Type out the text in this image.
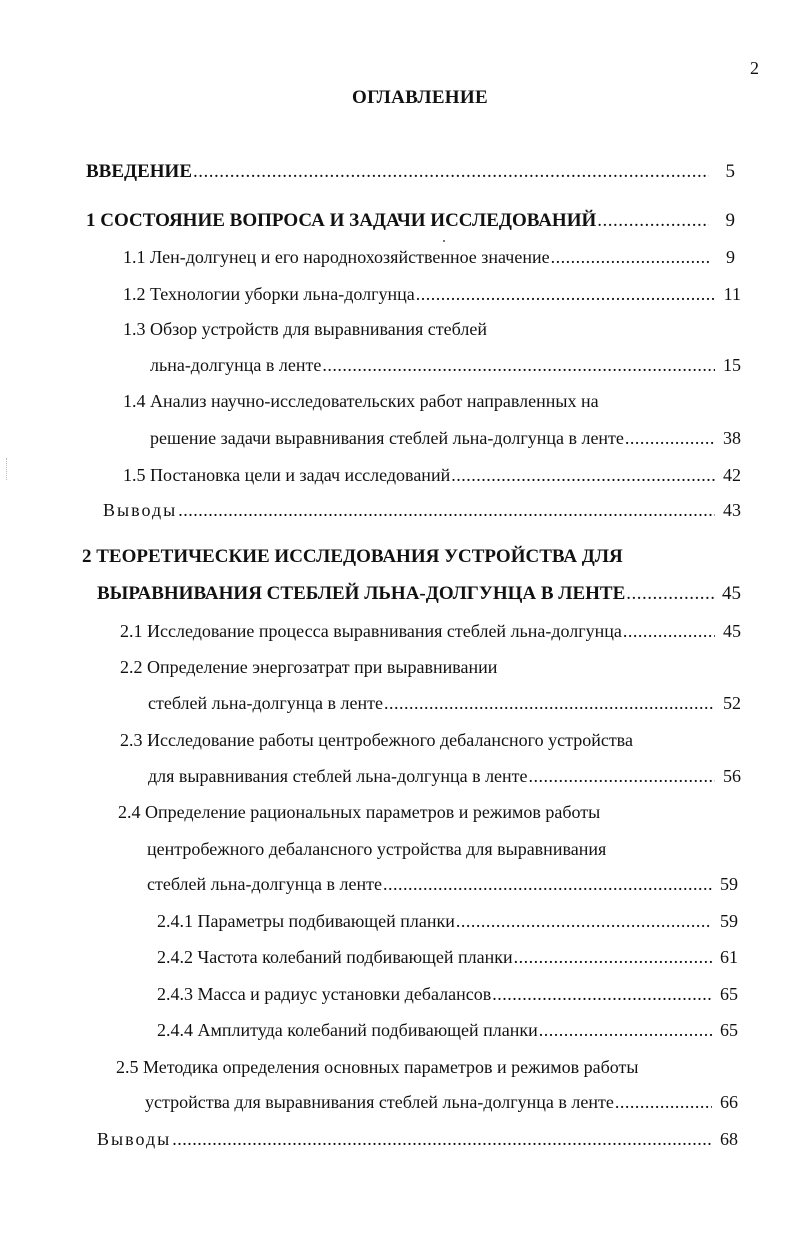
2
ОГЛАВЛЕНИЕ
ВВЕДЕНИЕ .....	5
1 СОСТОЯНИЕ ВОПРОСА И ЗАДАЧИ ИССЛЕДОВАНИЙ .....	9
1.1 Лен-долгунец и его народнохозяйственное значение .....	9
1.2 Технологии уборки льна-долгунца .....	11
1.3 Обзор устройств для выравнивания стеблей
льна-долгунца в ленте .....	15
1.4 Анализ научно-исследовательских работ направленных на
решение задачи выравнивания стеблей льна-долгунца в ленте .....	38
1.5 Постановка цели и задач исследований .....	42
Выводы .....	43
2 ТЕОРЕТИЧЕСКИЕ ИССЛЕДОВАНИЯ УСТРОЙСТВА ДЛЯ
ВЫРАВНИВАНИЯ СТЕБЛЕЙ ЛЬНА-ДОЛГУНЦА В ЛЕНТЕ .....	45
2.1 Исследование процесса выравнивания стеблей льна-долгунца .....	45
2.2 Определение энергозатрат при выравнивании
стеблей льна-долгунца в ленте .....	52
2.3 Исследование работы центробежного дебалансного устройства
для выравнивания стеблей льна-долгунца в ленте .....	56
2.4 Определение рациональных параметров и режимов работы
центробежного дебалансного устройства для выравнивания
стеблей льна-долгунца в ленте .....	59
2.4.1 Параметры подбивающей планки .....	59
2.4.2 Частота колебаний подбивающей планки .....	61
2.4.3 Масса и радиус установки дебалансов .....	65
2.4.4 Амплитуда колебаний подбивающей планки .....	65
2.5 Методика определения основных параметров и режимов работы
устройства для выравнивания стеблей льна-долгунца в ленте .....	66
Выводы .....	68
